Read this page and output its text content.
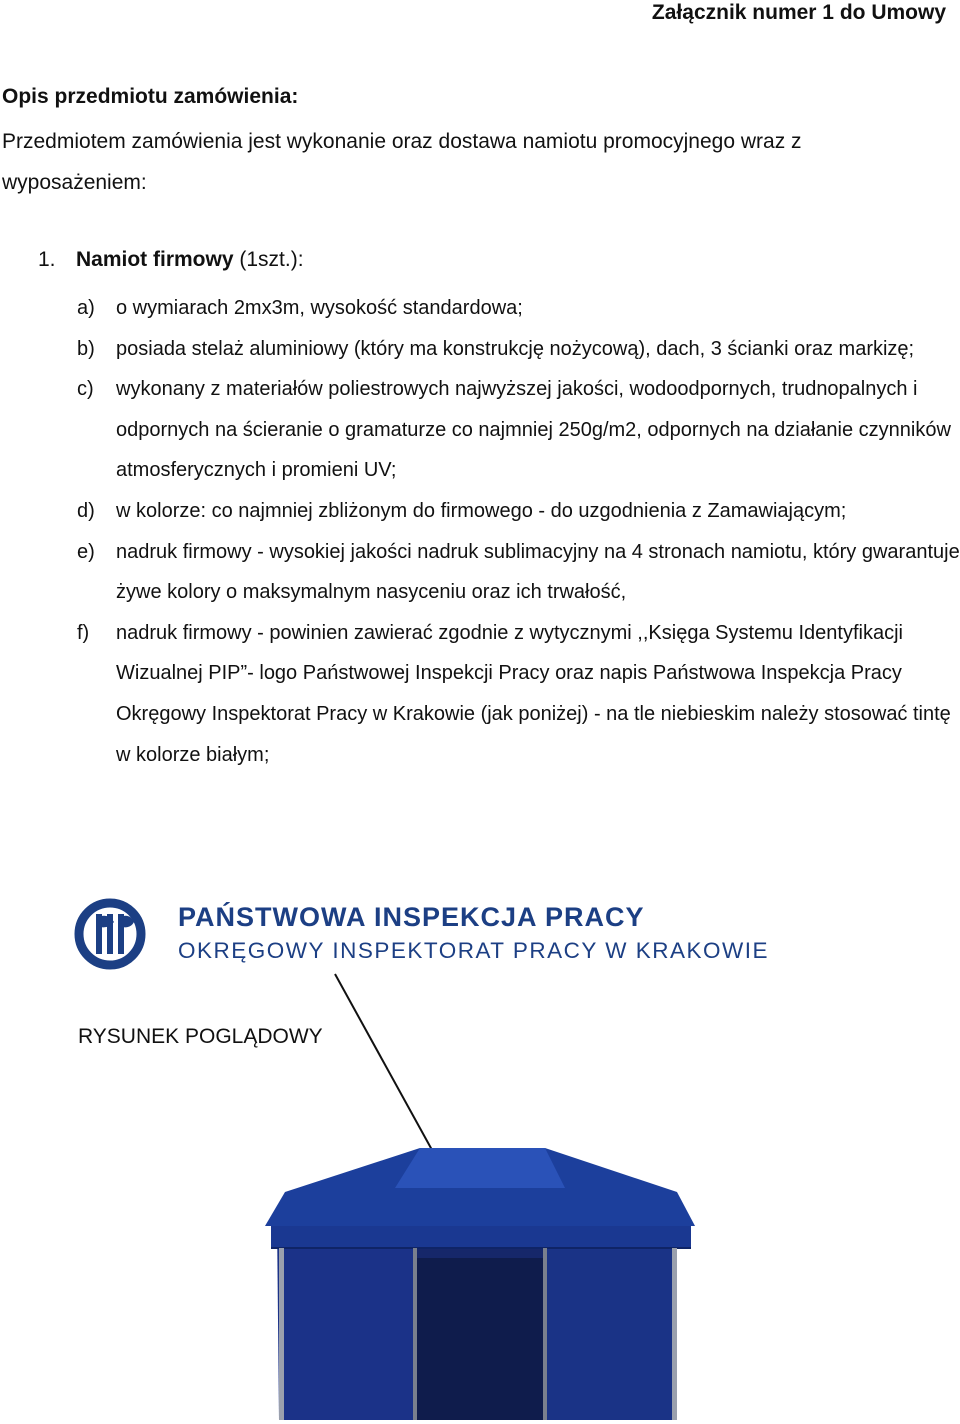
Załącznik numer 1 do Umowy
Opis przedmiotu zamówienia:

Przedmiotem zamówienia jest wykonanie oraz dostawa namiotu promocyjnego wraz z wyposażeniem:

1. Namiot firmowy (1szt.):
a)	o wymiarach 2mx3m, wysokość standardowa;
b)	posiada stelaż aluminiowy (który ma konstrukcję nożycową), dach, 3 ścianki oraz markizę;
c)	wykonany z materiałów poliestrowych najwyższej jakości, wodoodpornych, trudnopalnych i odpornych na ścieranie o gramaturze co najmniej 250g/m2, odpornych na działanie czynników atmosferycznych i promieni UV;
d)	w kolorze: co najmniej zbliżonym do firmowego - do uzgodnienia z Zamawiającym;
e)	nadruk firmowy - wysokiej jakości nadruk sublimacyjny na 4 stronach namiotu, który gwarantuje żywe kolory o maksymalnym nasyceniu oraz ich trwałość,
f)	nadruk firmowy - powinien zawierać zgodnie z wytycznymi ,,Księga Systemu Identyfikacji Wizualnej PIP”- logo Państwowej Inspekcji Pracy oraz napis Państwowa Inspekcja Pracy Okręgowy Inspektorat Pracy w Krakowie (jak poniżej) - na tle niebieskim należy stosować tintę w kolorze białym;
PAŃSTWOWA INSPEKCJA PRACY
OKRĘGOWY INSPEKTORAT PRACY W KRAKOWIE
RYSUNEK POGLĄDOWY
